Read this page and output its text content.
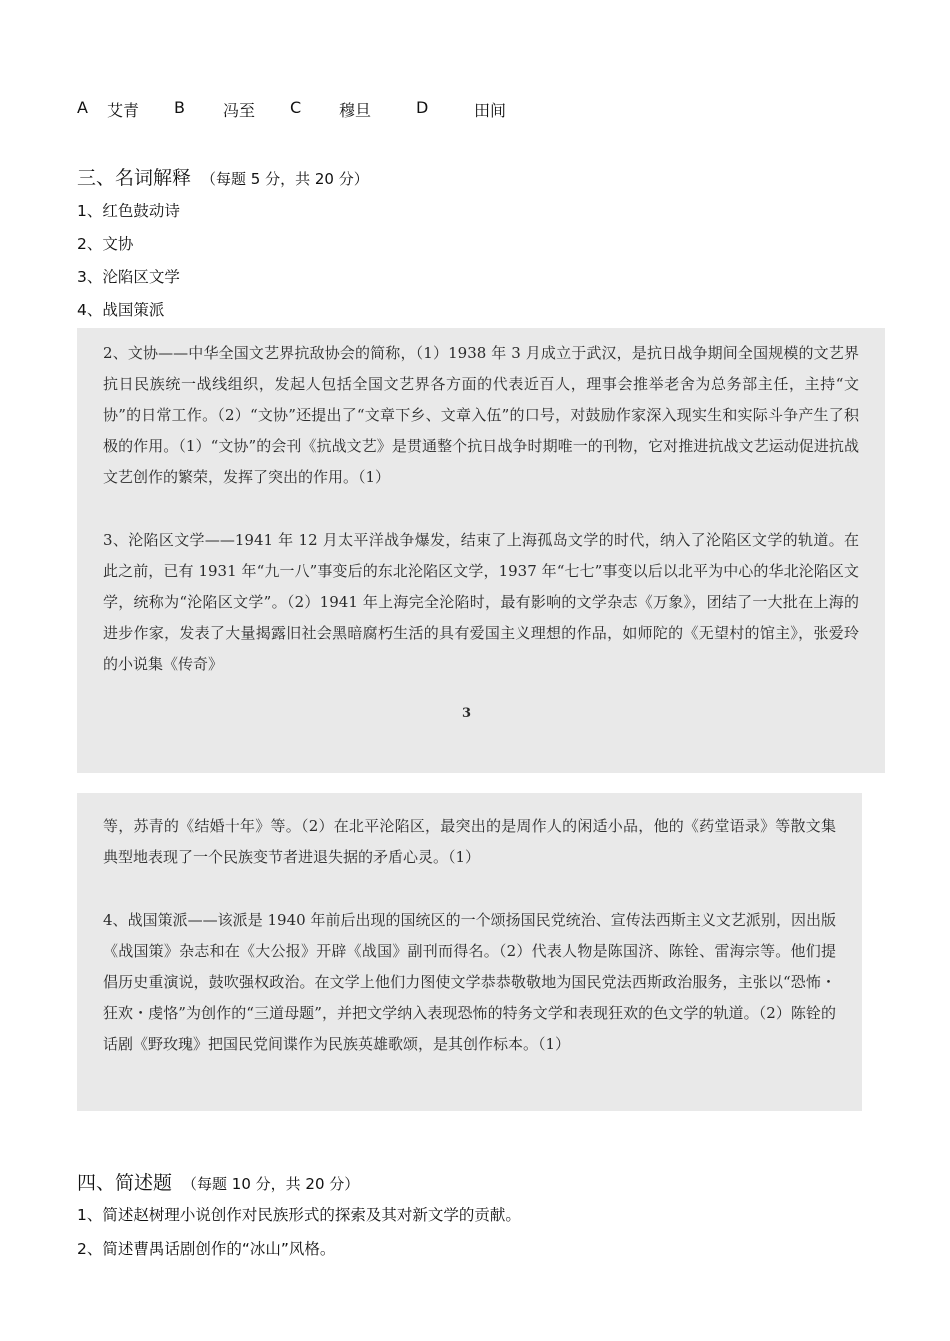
A 艾青 B 冯至 C 穆旦	D	田间
三、名词解释 （每题 5 分，共 20 分）
1、红色鼓动诗
2、文协
3、沦陷区文学
4、战国策派

2、文协——中华全国文艺界抗敌协会的简称，（1）1938 年 3 月成立于武汉，是抗日战争期间全国规模的文艺界抗日民族统一战线组织，发起人包括全国文艺界各方面的代表近百人，理事会推举老舍为总务部主任，主持“文协”的日常工作。（2）“文协”还提出了“文章下乡、文章入伍”的口号，对鼓励作家深入现实生和实际斗争产生了积极的作用。（1）“文协”的会刊《抗战文艺》是贯通整个抗日战争时期唯一的刊物，它对推进抗战文艺运动促进抗战文艺创作的繁荣，发挥了突出的作用。（1）

3、沦陷区文学——1941 年 12 月太平洋战争爆发，结束了上海孤岛文学的时代，纳入了沦陷区文学的轨道。在此之前，已有 1931 年“九一八”事变后的东北沦陷区文学，1937 年“七七”事变以后以北平为中心的华北沦陷区文学，统称为“沦陷区文学”。（2）1941 年上海完全沦陷时，最有影响的文学杂志《万象》，团结了一大批在上海的进步作家，发表了大量揭露旧社会黑暗腐朽生活的具有爱国主义理想的作品，如师陀的《无望村的馆主》，张爱玲的小说集《传奇》

3

等，苏青的《结婚十年》等。（2）在北平沦陷区，最突出的是周作人的闲适小品，他的《药堂语录》等散文集典型地表现了一个民族变节者进退失据的矛盾心灵。（1）

4、战国策派——该派是 1940 年前后出现的国统区的一个颂扬国民党统治、宣传法西斯主义文艺派别，因出版《战国策》杂志和在《大公报》开辟《战国》副刊而得名。（2）代表人物是陈国济、陈铨、雷海宗等。他们提倡历史重演说，鼓吹强权政治。在文学上他们力图使文学恭恭敬敬地为国民党法西斯政治服务，主张以“恐怖・狂欢・虔恪”为创作的“三道母题”，并把文学纳入表现恐怖的特务文学和表现狂欢的色文学的轨道。（2）陈铨的话剧《野玫瑰》把国民党间谍作为民族英雄歌颂，是其创作标本。（1）

四、简述题 （每题 10 分，共 20 分）
1、简述赵树理小说创作对民族形式的探索及其对新文学的贡献。
2、简述曹禺话剧创作的“冰山”风格。
